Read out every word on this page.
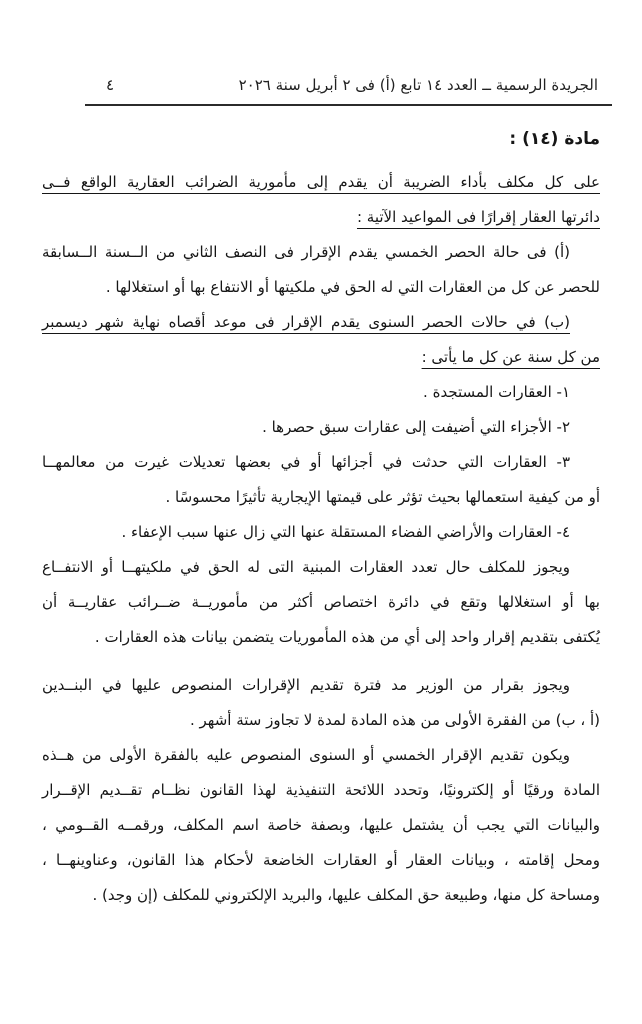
٤	الجريدة الرسمية ــ العدد ١٤ تابع (أ) فى ٢ أبريل سنة ٢٠٢٦
مادة (١٤) :
على كل مكلف بأداء الضريبة أن يقدم إلى مأمورية الضرائب العقارية الواقع فــى
دائرتها العقار إقرارًا فى المواعيد الآتية :
(أ) فى حالة الحصر الخمسي يقدم الإقرار فى النصف الثاني من الــسنة الــسابقة
للحصر عن كل من العقارات التي له الحق في ملكيتها أو الانتفاع بها أو استغلالها .
(ب) في حالات الحصر السنوى يقدم الإقرار فى موعد أقصاه نهاية شهر ديسمبر
من كل سنة عن كل ما يأتى :
١- العقارات المستجدة .
٢- الأجزاء التي أضيفت إلى عقارات سبق حصرها .
٣- العقارات التي حدثت في أجزائها أو في بعضها تعديلات غيرت من معالمهــا
أو من كيفية استعمالها بحيث تؤثر على قيمتها الإيجارية تأثيرًا محسوسًا .
٤- العقارات والأراضي الفضاء المستقلة عنها التي زال عنها سبب الإعفاء .
ويجوز للمكلف حال تعدد العقارات المبنية التى له الحق في ملكيتهــا أو الانتفــاع
بها أو استغلالها وتقع في دائرة اختصاص أكثر من مأموريــة ضــرائب عقاريــة أن
يُكتفى بتقديم إقرار واحد إلى أي من هذه المأموريات يتضمن بيانات هذه العقارات .
ويجوز بقرار من الوزير مد فترة تقديم الإقرارات المنصوص عليها في البنــدين
(أ ، ب) من الفقرة الأولى من هذه المادة لمدة لا تجاوز ستة أشهر .
ويكون تقديم الإقرار الخمسي أو السنوى المنصوص عليه بالفقرة الأولى من هــذه
المادة ورقيًا أو إلكترونيًا، وتحدد اللائحة التنفيذية لهذا القانون نظــام تقــديم الإقــرار
والبيانات التي يجب أن يشتمل عليها، وبصفة خاصة اسم المكلف، ورقمــه القــومي ،
ومحل إقامته ، وبيانات العقار أو العقارات الخاضعة لأحكام هذا القانون، وعناوينهــا ،
ومساحة كل منها، وطبيعة حق المكلف عليها، والبريد الإلكتروني للمكلف (إن وجد) .
